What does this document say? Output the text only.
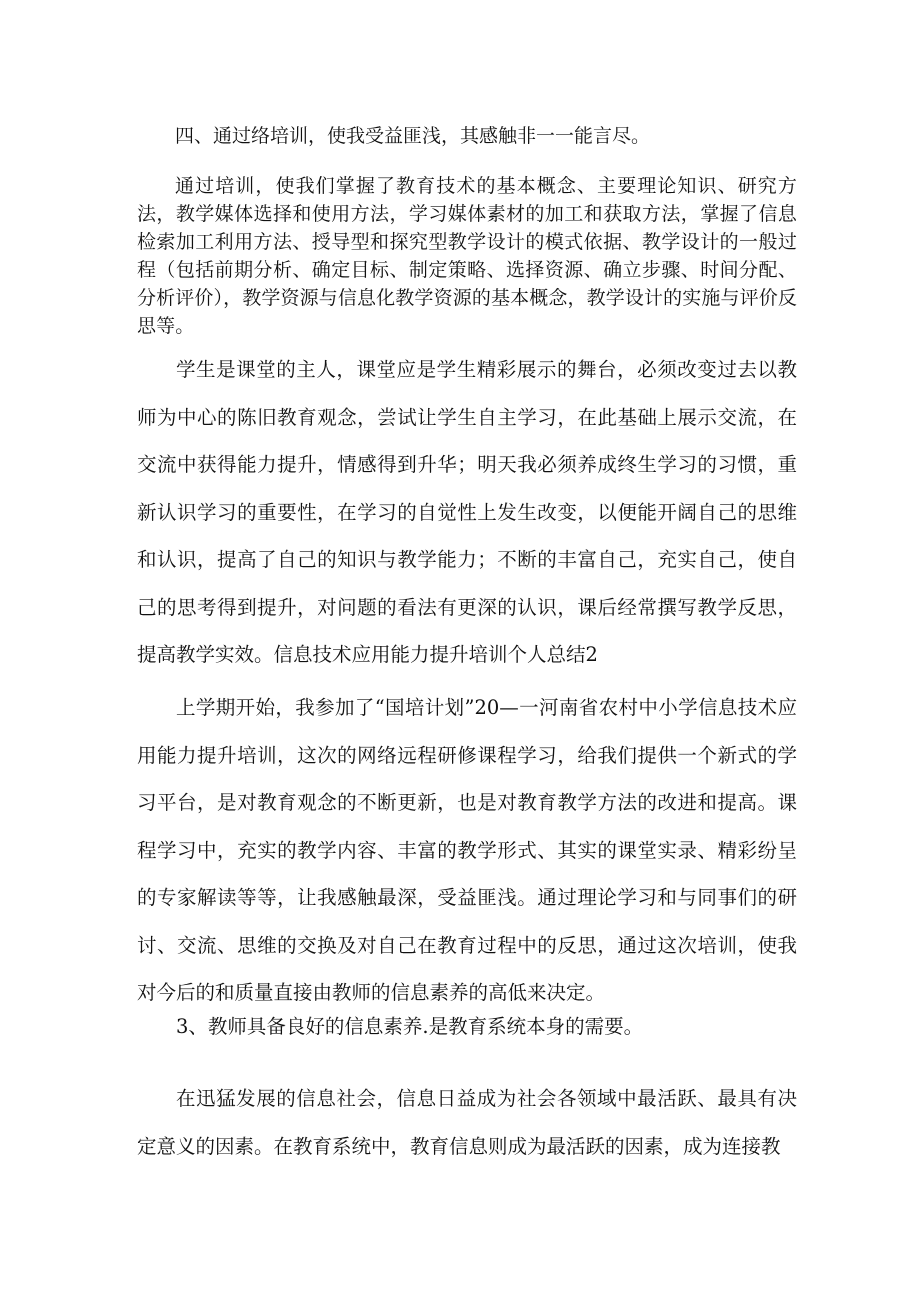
四、通过络培训，使我受益匪浅，其感触非一一能言尽。

通过培训，使我们掌握了教育技术的基本概念、主要理论知识、研究方法，教学媒体选择和使用方法，学习媒体素材的加工和获取方法，掌握了信息检索加工利用方法、授导型和探究型教学设计的模式依据、教学设计的一般过程（包括前期分析、确定目标、制定策略、选择资源、确立步骤、时间分配、分析评价），教学资源与信息化教学资源的基本概念，教学设计的实施与评价反思等。

学生是课堂的主人，课堂应是学生精彩展示的舞台，必须改变过去以教师为中心的陈旧教育观念，尝试让学生自主学习，在此基础上展示交流，在交流中获得能力提升，情感得到升华；明天我必须养成终生学习的习惯，重新认识学习的重要性，在学习的自觉性上发生改变，以便能开阔自己的思维和认识，提高了自己的知识与教学能力；不断的丰富自己，充实自己，使自己的思考得到提升，对问题的看法有更深的认识，课后经常撰写教学反思，提高教学实效。信息技术应用能力提升培训个人总结2

上学期开始，我参加了“国培计划”20—一河南省农村中小学信息技术应用能力提升培训，这次的网络远程研修课程学习，给我们提供一个新式的学习平台，是对教育观念的不断更新，也是对教育教学方法的改进和提高。课程学习中，充实的教学内容、丰富的教学形式、其实的课堂实录、精彩纷呈的专家解读等等，让我感触最深，受益匪浅。通过理论学习和与同事们的研讨、交流、思维的交换及对自己在教育过程中的反思，通过这次培训，使我对今后的和质量直接由教师的信息素养的高低来决定。

3、教师具备良好的信息素养.是教育系统本身的需要。

在迅猛发展的信息社会，信息日益成为社会各领域中最活跃、最具有决定意义的因素。在教育系统中，教育信息则成为最活跃的因素，成为连接教
